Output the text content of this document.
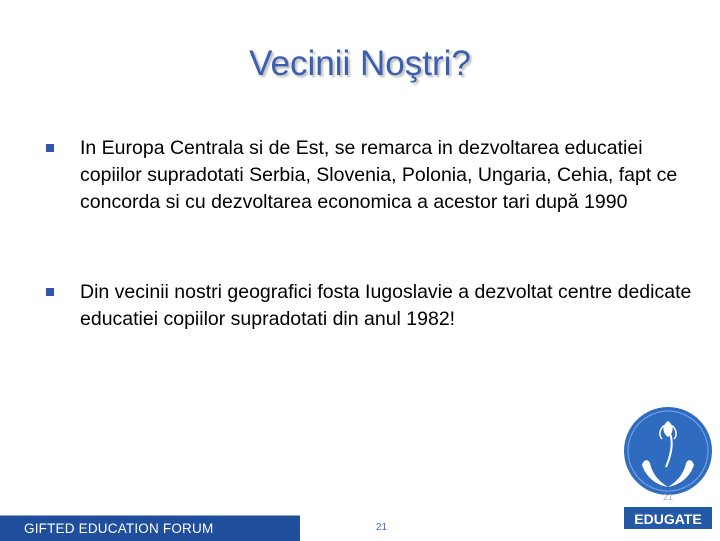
Vecinii Noştri?
In Europa Centrala si de Est, se remarca in dezvoltarea educatiei copiilor supradotati Serbia, Slovenia, Polonia, Ungaria, Cehia, fapt ce concorda si cu dezvoltarea economica a acestor tari după 1990
Din vecinii nostri geografici fosta Iugoslavie a dezvoltat centre dedicate educatiei copiilor supradotati din anul 1982!
GIFTED EDUCATION FORUM	21
EDUGATE
21
